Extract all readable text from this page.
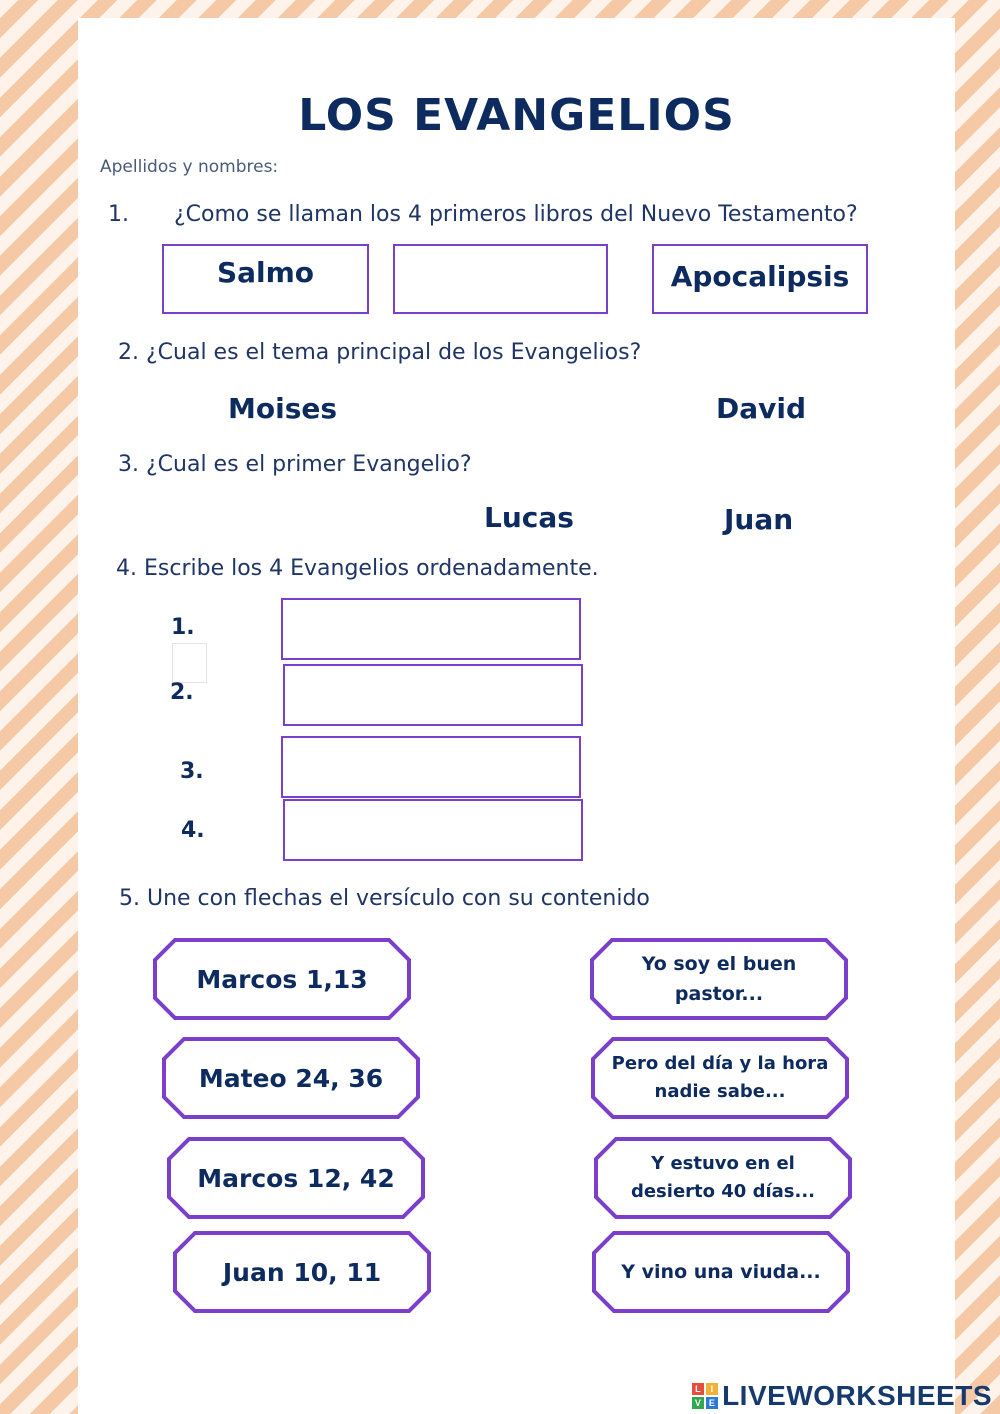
LOS EVANGELIOS
Apellidos y nombres:
1. ¿Como se llaman los 4 primeros libros del Nuevo Testamento?
Salmo	Apocalipsis
2. ¿Cual es el tema principal de los Evangelios?
Moises	David
3. ¿Cual es el primer Evangelio?
Lucas	Juan
4. Escribe los 4 Evangelios ordenadamente.
1.
2.
3.
4.
5. Une con flechas el versículo con su contenido
Marcos 1,13
Mateo 24, 36
Marcos 12, 42
Juan 10, 11
Yo soy el buen pastor...
Pero del día y la hora nadie sabe...
Y estuvo en el desierto 40 días...
Y vino una viuda...
L	I
V E LIVEWORKSHEETS
